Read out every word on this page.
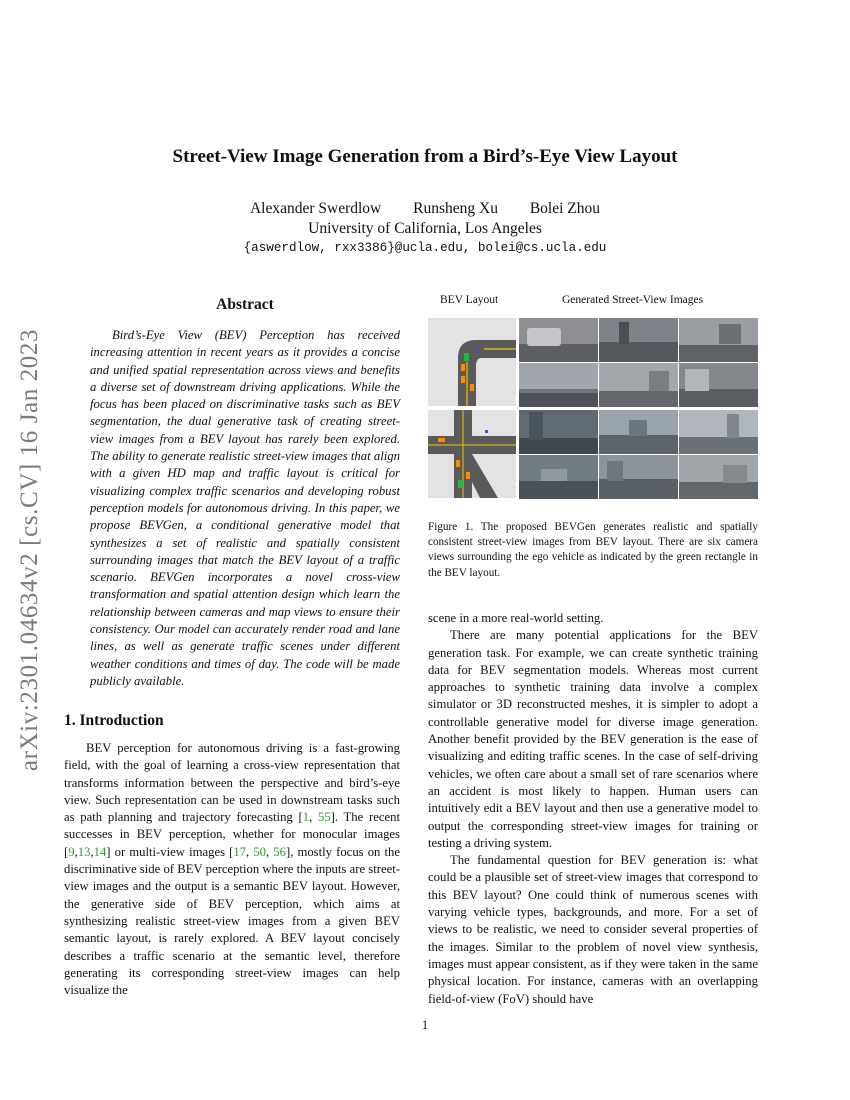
arXiv:2301.04634v2 [cs.CV] 16 Jan 2023
Street-View Image Generation from a Bird’s-Eye View Layout
Alexander Swerdlow Runsheng Xu Bolei Zhou
University of California, Los Angeles
{aswerdlow, rxx3386}@ucla.edu, bolei@cs.ucla.edu
Abstract

Bird’s-Eye View (BEV) Perception has received increasing attention in recent years as it provides a concise and unified spatial representation across views and benefits a diverse set of downstream driving applications. While the focus has been placed on discriminative tasks such as BEV segmentation, the dual generative task of creating street-view images from a BEV layout has rarely been explored. The ability to generate realistic street-view images that align with a given HD map and traffic layout is critical for visualizing complex traffic scenarios and developing robust perception models for autonomous driving. In this paper, we propose BEVGen, a conditional generative model that synthesizes a set of realistic and spatially consistent surrounding images that match the BEV layout of a traffic scenario. BEVGen incorporates a novel cross-view transformation and spatial attention design which learn the relationship between cameras and map views to ensure their consistency. Our model can accurately render road and lane lines, as well as generate traffic scenes under different weather conditions and times of day. The code will be made publicly available.

1. Introduction

BEV perception for autonomous driving is a fast-growing field, with the goal of learning a cross-view representation that transforms information between the perspective and bird’s-eye view. Such representation can be used in downstream tasks such as path planning and trajectory forecasting [1, 55]. The recent successes in BEV perception, whether for monocular images [9,13,14] or multi-view images [17, 50, 56], mostly focus on the discriminative side of BEV perception where the inputs are street-view images and the output is a semantic BEV layout. However, the generative side of BEV perception, which aims at synthesizing realistic street-view images from a given BEV semantic layout, is rarely explored. A BEV layout concisely describes a traffic scenario at the semantic level, therefore generating its corresponding street-view images can help visualize the

BEV Layout	Generated Street-View Images
Figure 1. The proposed BEVGen generates realistic and spatially consistent street-view images from BEV layout. There are six camera views surrounding the ego vehicle as indicated by the green rectangle in the BEV layout.

scene in a more real-world setting.

There are many potential applications for the BEV generation task. For example, we can create synthetic training data for BEV segmentation models. Whereas most current approaches to synthetic training data involve a complex simulator or 3D reconstructed meshes, it is simpler to adopt a controllable generative model for diverse image generation. Another benefit provided by the BEV generation is the ease of visualizing and editing traffic scenes. In the case of self-driving vehicles, we often care about a small set of rare scenarios where an accident is most likely to happen. Human users can intuitively edit a BEV layout and then use a generative model to output the corresponding street-view images for training or testing a driving system.

The fundamental question for BEV generation is: what could be a plausible set of street-view images that correspond to this BEV layout? One could think of numerous scenes with varying vehicle types, backgrounds, and more. For a set of views to be realistic, we need to consider several properties of the images. Similar to the problem of novel view synthesis, images must appear consistent, as if they were taken in the same physical location. For instance, cameras with an overlapping field-of-view (FoV) should have

1
